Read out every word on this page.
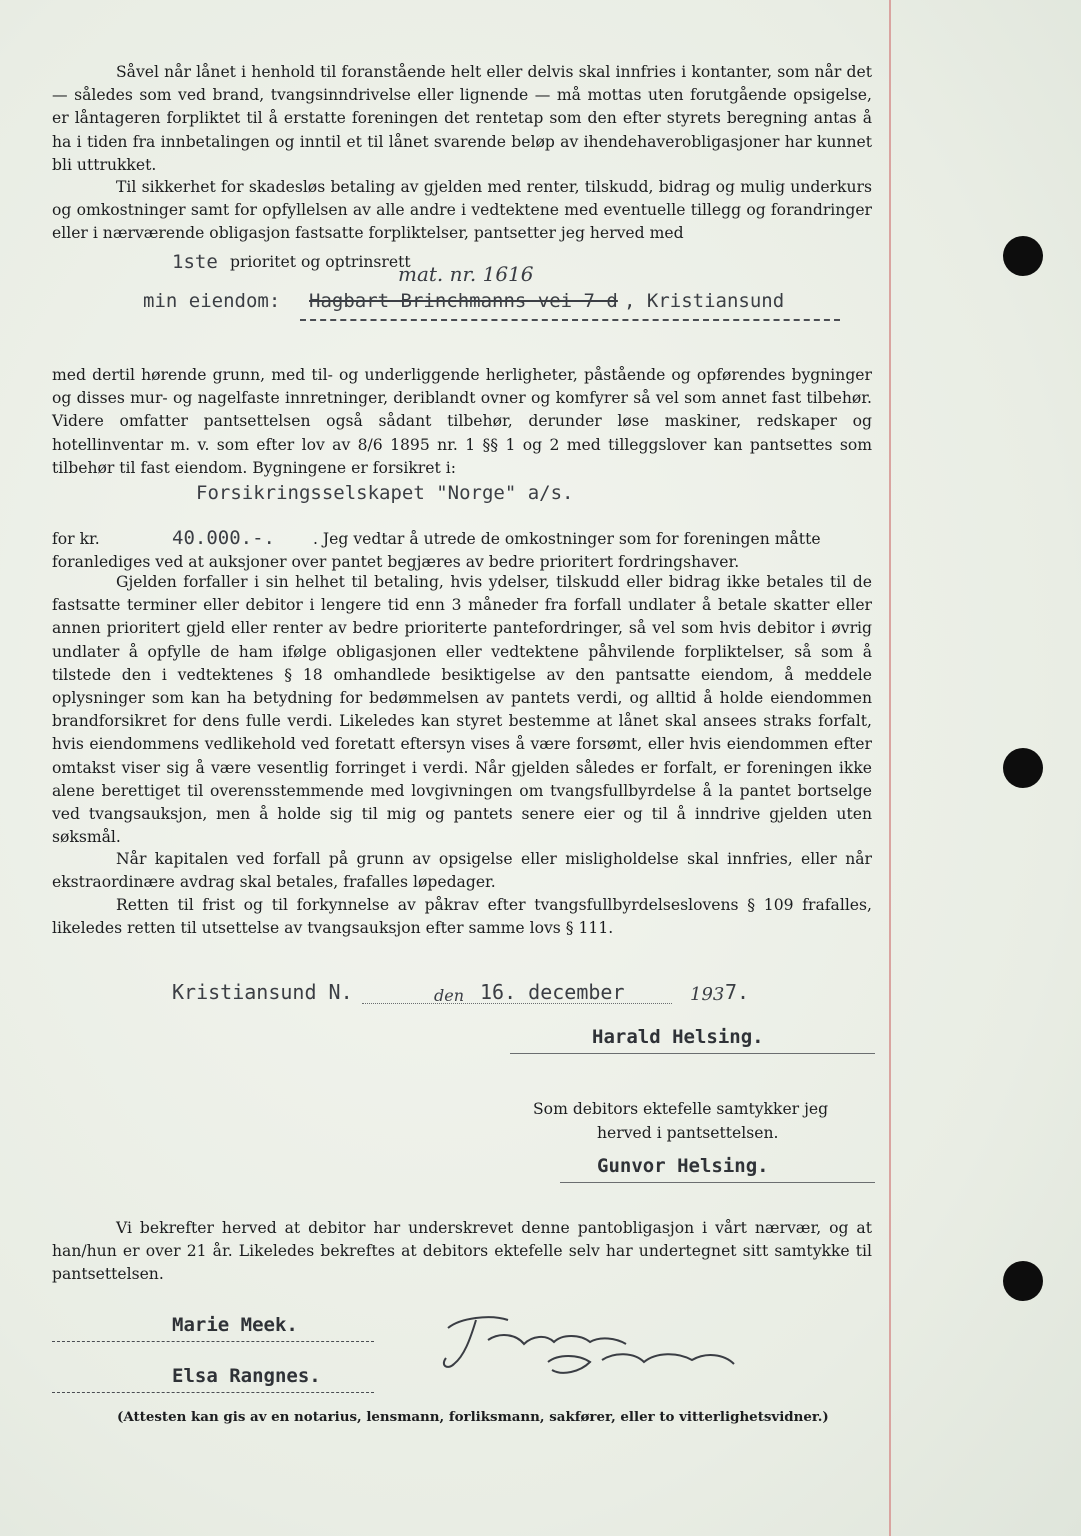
Såvel når lånet i henhold til foranstående helt eller delvis skal innfries i kontanter, som når det — således som ved brand, tvangsinndrivelse eller lignende — må mottas uten forutgående opsigelse, er låntageren forpliktet til å erstatte foreningen det rentetap som den efter styrets beregning antas å ha i tiden fra innbetalingen og inntil et til lånet svarende beløp av ihendehaverobligasjoner har kunnet bli uttrukket.

Til sikkerhet for skadesløs betaling av gjelden med renter, tilskudd, bidrag og mulig underkurs og omkostninger samt for opfyllelsen av alle andre i vedtektene med eventuelle tillegg og forandringer eller i nærværende obligasjon fastsatte forpliktelser, pantsetter jeg herved med

1ste prioritet og optrinsrett
mat. nr. 1616
min eiendom: Hagbart Brinchmanns vei 7 d , Kristiansund

med dertil hørende grunn, med til- og underliggende herligheter, påstående og opførendes bygninger og disses mur- og nagelfaste innretninger, deriblandt ovner og komfyrer så vel som annet fast tilbehør. Videre omfatter pantsettelsen også sådant tilbehør, derunder løse maskiner, redskaper og hotellinventar m. v. som efter lov av 8/6 1895 nr. 1 §§ 1 og 2 med tilleggslover kan pantsettes som tilbehør til fast eiendom. Bygningene er forsikret i:

Forsikringsselskapet "Norge" a/s.
for kr.	40.000.-. . Jeg vedtar å utrede de omkostninger som for foreningen måtte
foranlediges ved at auksjoner over pantet begjæres av bedre prioritert fordringshaver.

Gjelden forfaller i sin helhet til betaling, hvis ydelser, tilskudd eller bidrag ikke betales til de fastsatte terminer eller debitor i lengere tid enn 3 måneder fra forfall undlater å betale skatter eller annen prioritert gjeld eller renter av bedre prioriterte pantefordringer, så vel som hvis debitor i øvrig undlater å opfylle de ham ifølge obligasjonen eller vedtektene påhvilende forpliktelser, så som å tilstede den i vedtektenes § 18 omhandlede besiktigelse av den pantsatte eiendom, å meddele oplysninger som kan ha betydning for bedømmelsen av pantets verdi, og alltid å holde eiendommen brandforsikret for dens fulle verdi. Likeledes kan styret bestemme at lånet skal ansees straks forfalt, hvis eiendommens vedlikehold ved foretatt eftersyn vises å være forsømt, eller hvis eiendommen efter omtakst viser sig å være vesentlig forringet i verdi. Når gjelden således er forfalt, er foreningen ikke alene berettiget til overensstemmende med lovgivningen om tvangsfullbyrdelse å la pantet bortselge ved tvangsauksjon, men å holde sig til mig og pantets senere eier og til å inndrive gjelden uten søksmål.

Når kapitalen ved forfall på grunn av opsigelse eller misligholdelse skal innfries, eller når ekstraordinære avdrag skal betales, frafalles løpedager.

Retten til frist og til forkynnelse av påkrav efter tvangsfullbyrdelseslovens § 109 frafalles, likeledes retten til utsettelse av tvangsauksjon efter samme lovs § 111.

Kristiansund N.	den 16. december	193 7.
Harald Helsing.
Som debitors ektefelle samtykker jeg
herved i pantsettelsen.
Gunvor Helsing.

Vi bekrefter herved at debitor har underskrevet denne pantobligasjon i vårt nærvær, og at han/hun er over 21 år. Likeledes bekreftes at debitors ektefelle selv har undertegnet sitt samtykke til pantsettelsen.

Marie Meek.
Elsa Rangnes.
(Attesten kan gis av en notarius, lensmann, forliksmann, sakfører, eller to vitterlighetsvidner.)
